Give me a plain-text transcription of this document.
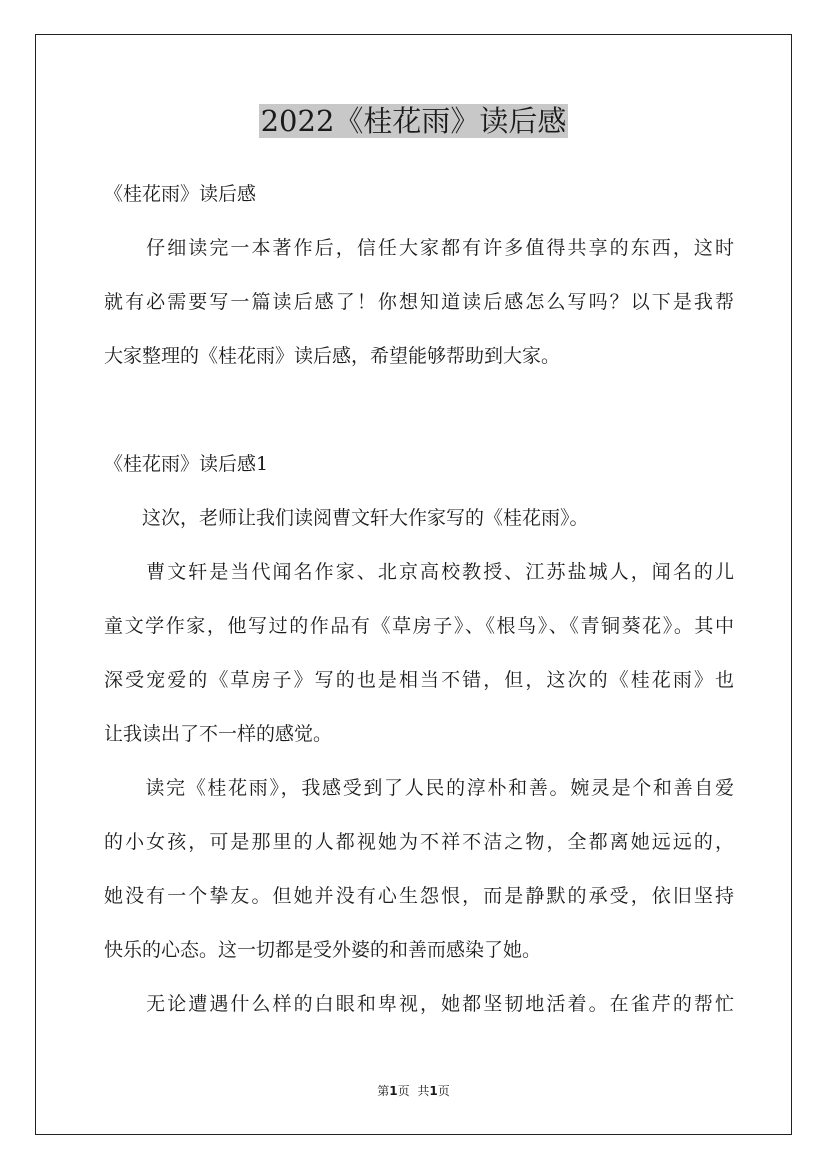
2022《桂花雨》读后感
《桂花雨》读后感
　　仔细读完一本著作后，信任大家都有许多值得共享的东西，这时
就有必需要写一篇读后感了！你想知道读后感怎么写吗？以下是我帮
大家整理的《桂花雨》读后感，希望能够帮助到大家。
《桂花雨》读后感1
　　这次，老师让我们读阅曹文轩大作家写的《桂花雨》。
　　曹文轩是当代闻名作家、北京高校教授、江苏盐城人，闻名的儿
童文学作家，他写过的作品有《草房子》、《根鸟》、《青铜葵花》。其中
深受宠爱的《草房子》写的也是相当不错，但，这次的《桂花雨》也
让我读出了不一样的感觉。
　　读完《桂花雨》，我感受到了人民的淳朴和善。婉灵是个和善自爱
的小女孩，可是那里的人都视她为不祥不洁之物，全都离她远远的，
她没有一个挚友。但她并没有心生怨恨，而是静默的承受，依旧坚持
快乐的心态。这一切都是受外婆的和善而感染了她。
　　无论遭遇什么样的白眼和卑视，她都坚韧地活着。在雀芹的帮忙
第1页 共1页
